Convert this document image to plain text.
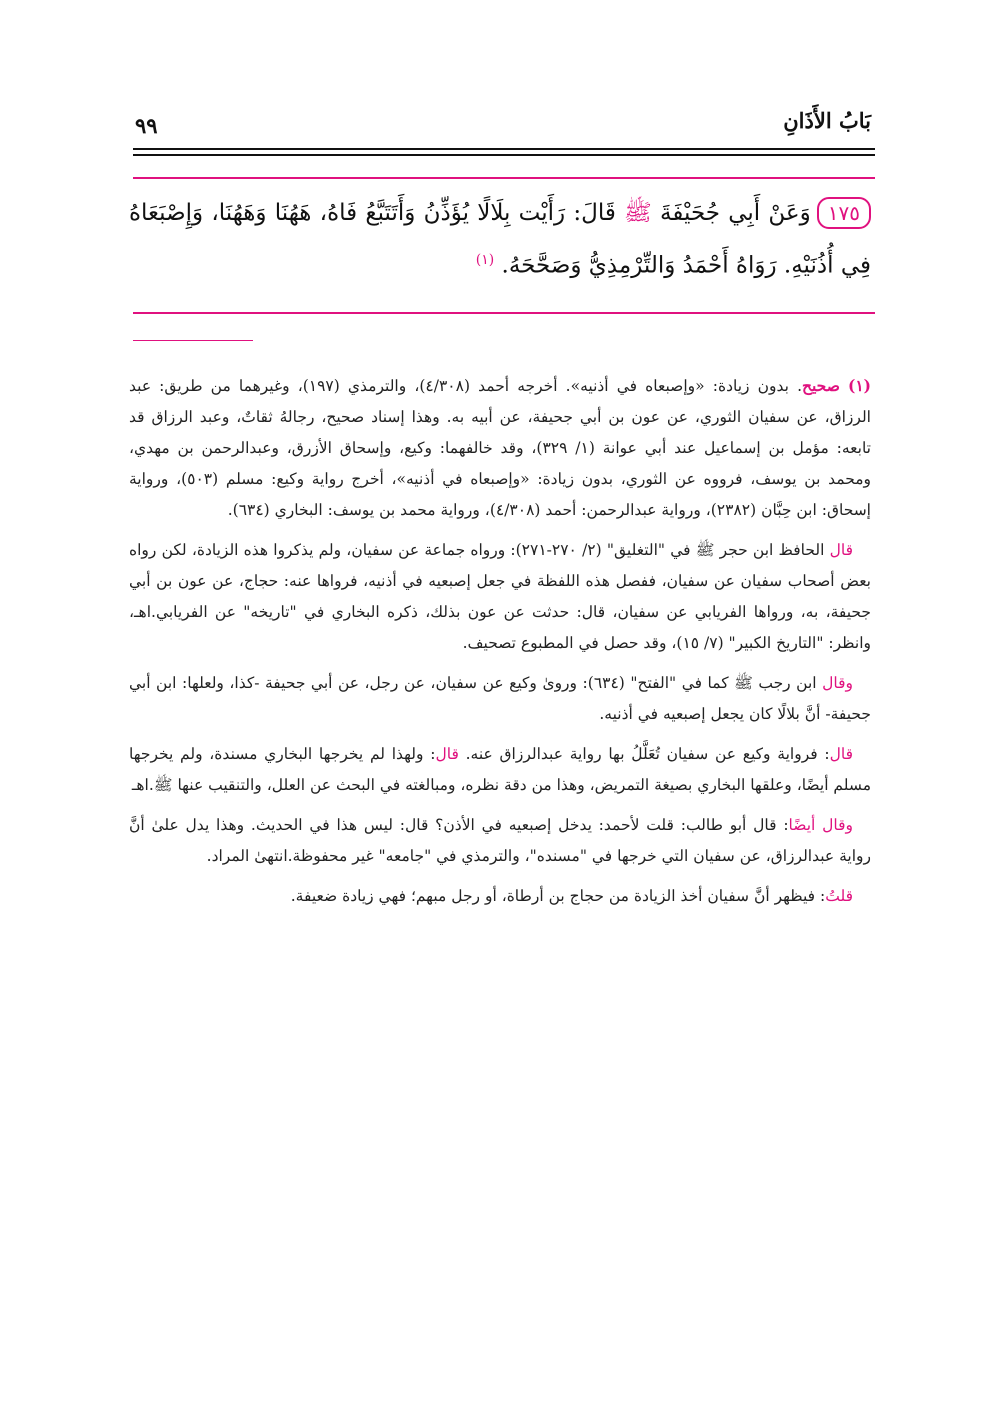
بَابُ الأَذَانِ
٩٩
١٧٥وَعَنْ أَبِي جُحَيْفَةَ ﷺ قَالَ: رَأَيْت بِلَالًا يُؤَذِّنُ وَأَتَتَبَّعُ فَاهُ، هَهُنَا وَهَهُنَا، وَإِصْبَعَاهُ فِي أُذُنَيْهِ. رَوَاهُ أَحْمَدُ وَالتِّرْمِذِيُّ وَصَحَّحَهُ. $^{(١)}$

(١) صحيح. بدون زيادة: «وإصبعاه في أذنيه». أخرجه أحمد (٤/٣٠٨)، والترمذي (١٩٧)، وغيرهما من طريق: عبد الرزاق، عن سفيان الثوري، عن عون بن أبي جحيفة، عن أبيه به. وهذا إسناد صحيح، رجالهُ ثقاتٌ، وعبد الرزاق قد تابعه: مؤمل بن إسماعيل عند أبي عوانة (١/ ٣٢٩)، وقد خالفهما: وكيع، وإسحاق الأزرق، وعبدالرحمن بن مهدي، ومحمد بن يوسف، فرووه عن الثوري، بدون زيادة: «وإصبعاه في أذنيه»، أخرج رواية وكيع: مسلم (٥٠٣)، ورواية إسحاق: ابن حِبَّان (٢٣٨٢)، ورواية عبدالرحمن: أحمد (٤/٣٠٨)، ورواية محمد بن يوسف: البخاري (٦٣٤).

قال الحافظ ابن حجر ﷺ في "التغليق" (٢/ ٢٧٠-٢٧١): ورواه جماعة عن سفيان، ولم يذكروا هذه الزيادة، لكن رواه بعض أصحاب سفيان عن سفيان، ففصل هذه اللفظة في جعل إصبعيه في أذنيه، فرواها عنه: حجاج، عن عون بن أبي جحيفة، به، ورواها الفريابي عن سفيان، قال: حدثت عن عون بذلك، ذكره البخاري في "تاريخه" عن الفريابي.اهـ، وانظر: "التاريخ الكبير" (٧/ ١٥)، وقد حصل في المطبوع تصحيف.

وقال ابن رجب ﷺ كما في "الفتح" (٦٣٤): وروىٰ وكيع عن سفيان، عن رجل، عن أبي جحيفة -كذا، ولعلها: ابن أبي جحيفة- أنَّ بلالًا كان يجعل إصبعيه في أذنيه.

قال: فرواية وكيع عن سفيان تُعَلَّلُ بها رواية عبدالرزاق عنه. قال: ولهذا لم يخرجها البخاري مسندة، ولم يخرجها مسلم أيضًا، وعلقها البخاري بصيغة التمريض، وهذا من دقة نظره، ومبالغته في البحث عن العلل، والتنقيب عنها ﷺ.اهـ

وقال أيضًا: قال أبو طالب: قلت لأحمد: يدخل إصبعيه في الأذن؟ قال: ليس هذا في الحديث. وهذا يدل علىٰ أنَّ رواية عبدالرزاق، عن سفيان التي خرجها في "مسنده"، والترمذي في "جامعه" غير محفوظة.انتهىٰ المراد.

قلتُ: فيظهر أنَّ سفيان أخذ الزيادة من حجاج بن أرطاة، أو رجل مبهم؛ فهي زيادة ضعيفة.
